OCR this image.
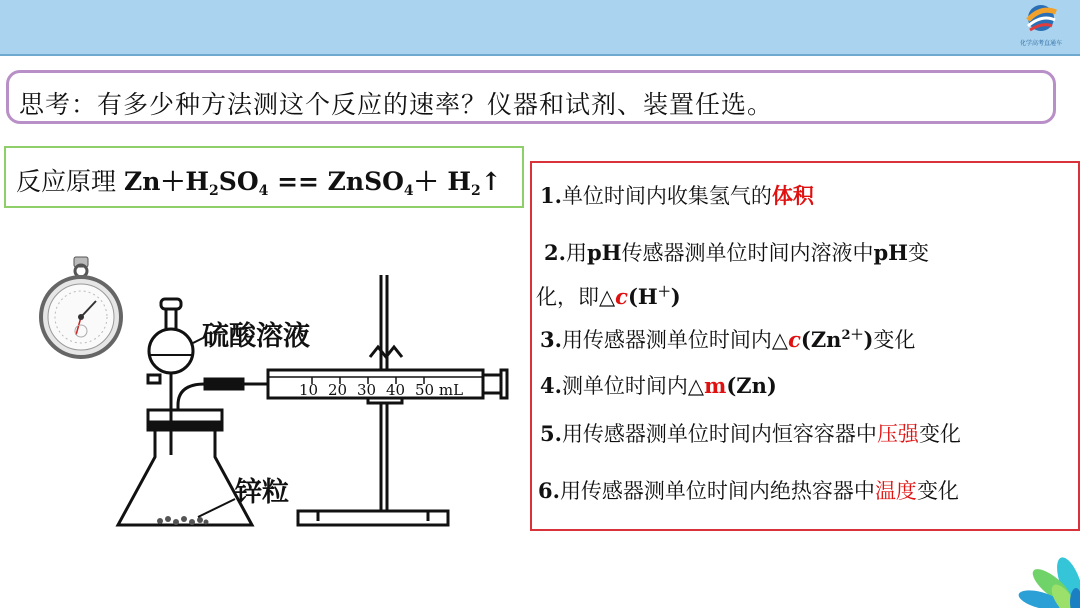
化学高考直通车
思考：有多少种方法测这个反应的速率？仪器和试剂、装置任选。
反应原理 $Zn+H_2SO_4$ == ZnSO$_4$＋ $H_2↑$
10 20 30 40 50 mL
硫酸溶液
锌粒
1.单位时间内收集氢气的体积
2.用pH传感器测单位时间内溶液中pH变
化，即△c(H＋)
3.用传感器测单位时间内$\triangle c(Zn^{2+})$变化
4.测单位时间内△m(Zn)
5.用传感器测单位时间内恒容容器中压强变化
6.用传感器测单位时间内绝热容器中温度变化
